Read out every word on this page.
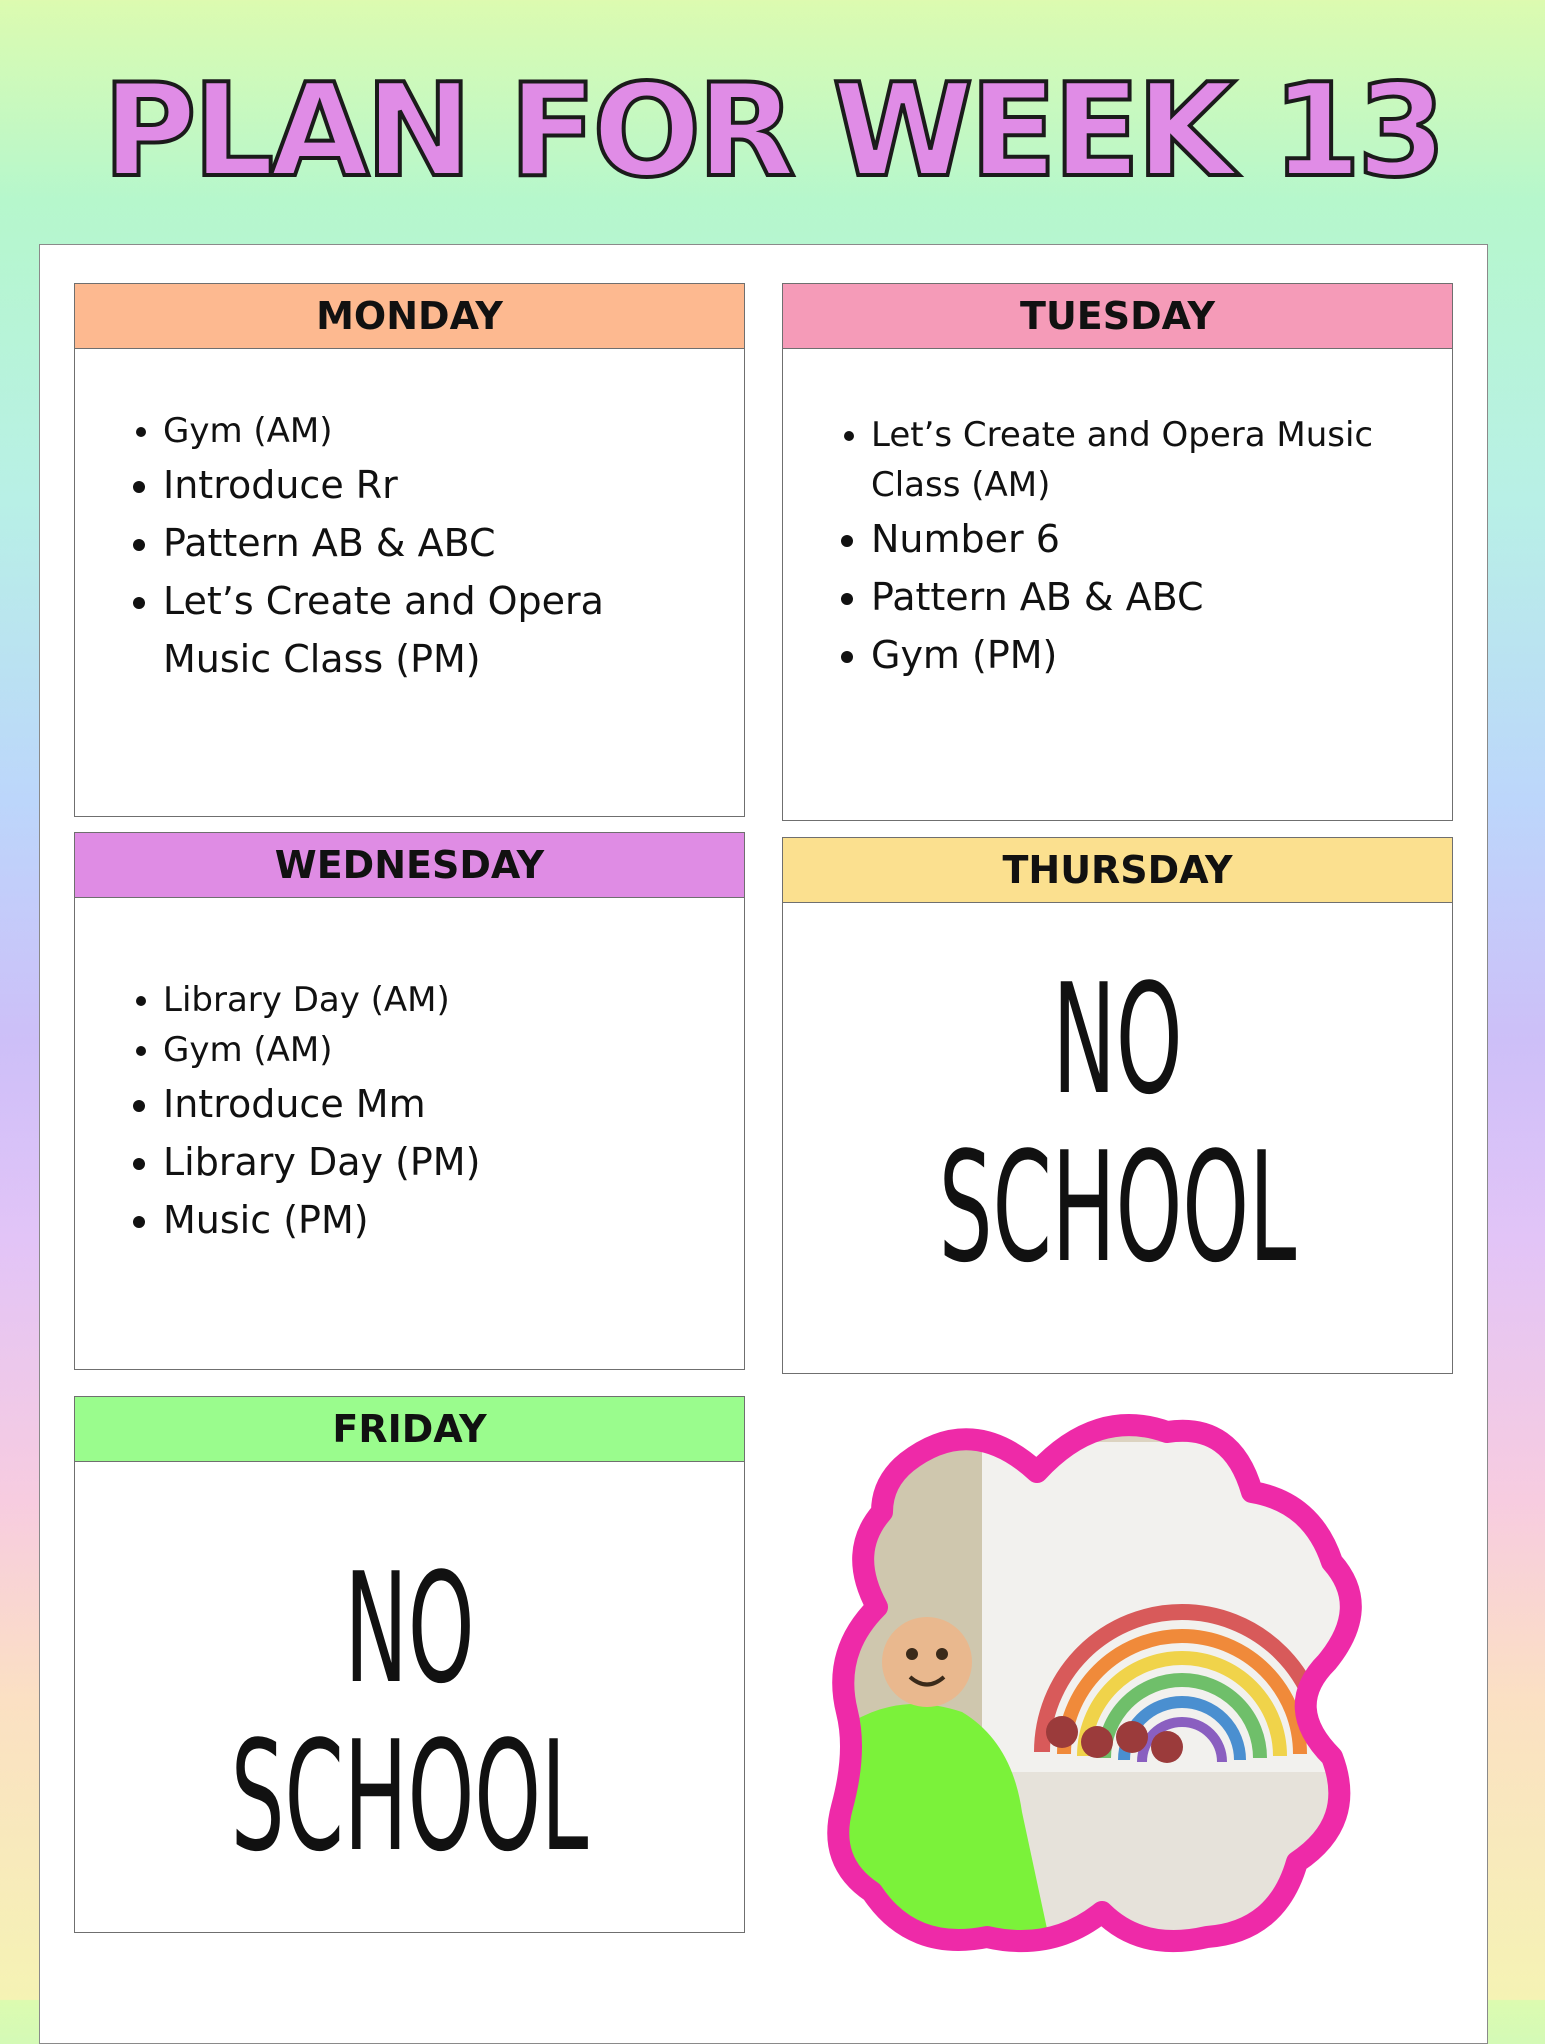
PLAN FOR WEEK 13
MONDAY
• Gym (AM)
• Introduce Rr
• Pattern AB & ABC
• Let’s Create and Opera Music Class (PM)
TUESDAY
• Let’s Create and Opera Music Class (AM)
• Number 6
• Pattern AB & ABC
• Gym (PM)
WEDNESDAY
• Library Day (AM)
• Gym (AM)
• Introduce Mm
• Library Day (PM)
• Music (PM)
THURSDAY
NO
SCHOOL
FRIDAY
NO
SCHOOL
